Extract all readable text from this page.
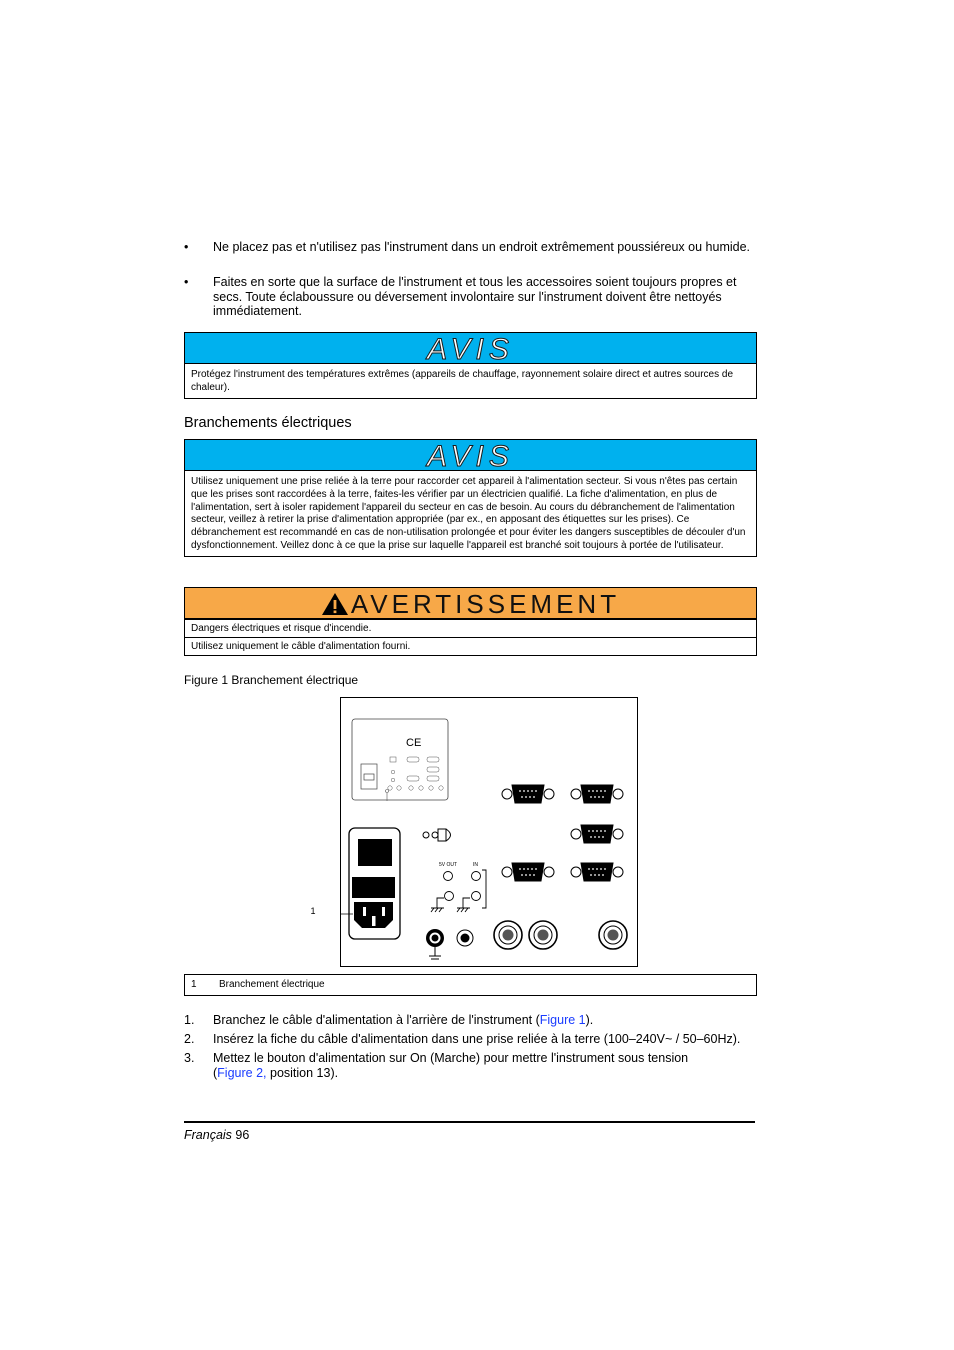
• Ne placez pas et n'utilisez pas l'instrument dans un endroit extrêmement poussiéreux ou humide.
• Faites en sorte que la surface de l'instrument et tous les accessoires soient toujours propres et secs. Toute éclaboussure ou déversement involontaire sur l'instrument doivent être nettoyés immédiatement.
AVIS
Protégez l'instrument des températures extrêmes (appareils de chauffage, rayonnement solaire direct et autres sources de chaleur).
Branchements électriques
AVIS
Utilisez uniquement une prise reliée à la terre pour raccorder cet appareil à l'alimentation secteur. Si vous n'êtes pas certain que les prises sont raccordées à la terre, faites-les vérifier par un électricien qualifié. La fiche d'alimentation, en plus de l'alimentation, sert à isoler rapidement l'appareil du secteur en cas de besoin. Au cours du débranchement de l'alimentation secteur, veillez à retirer la prise d'alimentation appropriée (par ex., en apposant des étiquettes sur les prises). Ce débranchement est recommandé en cas de non-utilisation prolongée et pour éviter les dangers susceptibles de découler d'un dysfonctionnement. Veillez donc à ce que la prise sur laquelle l'appareil est branché soit toujours à portée de l'utilisateur.
AVERTISSEMENT
Dangers électriques et risque d'incendie.
Utilisez uniquement le câble d'alimentation fourni.
Figure 1 Branchement électrique
CE
5V OUT	IN
1
1 Branchement électrique
1. Branchez le câble d'alimentation à l'arrière de l'instrument (Figure 1).
2. Insérez la fiche du câble d'alimentation dans une prise reliée à la terre (100–240V~ / 50–60Hz).
3. Mettez le bouton d'alimentation sur On (Marche) pour mettre l'instrument sous tension (Figure 2, position 13).
Français 96
